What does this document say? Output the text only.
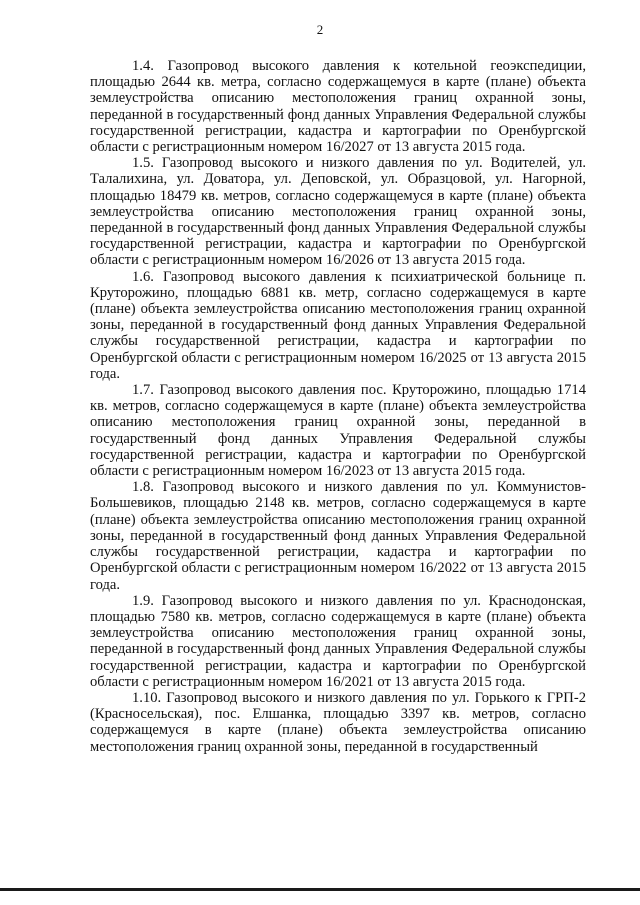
2

1.4. Газопровод высокого давления к котельной геоэкспедиции, площадью 2644 кв. метра, согласно содержащемуся в карте (плане) объекта землеустройства описанию местоположения границ охранной зоны, переданной в государственный фонд данных Управления Федеральной службы государственной регистрации, кадастра и картографии по Оренбургской области с регистрационным номером 16/2027 от 13 августа 2015 года.

1.5. Газопровод высокого и низкого давления по ул. Водителей, ул. Талалихина, ул. Доватора, ул. Деповской, ул. Образцовой, ул. Нагорной, площадью 18479 кв. метров, согласно содержащемуся в карте (плане) объекта землеустройства описанию местоположения границ охранной зоны, переданной в государственный фонд данных Управления Федеральной службы государственной регистрации, кадастра и картографии по Оренбургской области с регистрационным номером 16/2026 от 13 августа 2015 года.

1.6. Газопровод высокого давления к психиатрической больнице п. Круторожино, площадью 6881 кв. метр, согласно содержащемуся в карте (плане) объекта землеустройства описанию местоположения границ охранной зоны, переданной в государственный фонд данных Управления Федеральной службы государственной регистрации, кадастра и картографии по Оренбургской области с регистрационным номером 16/2025 от 13 августа 2015 года.

1.7. Газопровод высокого давления пос. Круторожино, площадью 1714 кв. метров, согласно содержащемуся в карте (плане) объекта землеустройства описанию местоположения границ охранной зоны, переданной в государственный фонд данных Управления Федеральной службы государственной регистрации, кадастра и картографии по Оренбургской области с регистрационным номером 16/2023 от 13 августа 2015 года.

1.8. Газопровод высокого и низкого давления по ул. Коммунистов-Большевиков, площадью 2148 кв. метров, согласно содержащемуся в карте (плане) объекта землеустройства описанию местоположения границ охранной зоны, переданной в государственный фонд данных Управления Федеральной службы государственной регистрации, кадастра и картографии по Оренбургской области с регистрационным номером 16/2022 от 13 августа 2015 года.

1.9. Газопровод высокого и низкого давления по ул. Краснодонская, площадью 7580 кв. метров, согласно содержащемуся в карте (плане) объекта землеустройства описанию местоположения границ охранной зоны, переданной в государственный фонд данных Управления Федеральной службы государственной регистрации, кадастра и картографии по Оренбургской области с регистрационным номером 16/2021 от 13 августа 2015 года.

1.10. Газопровод высокого и низкого давления по ул. Горького к ГРП-2 (Красносельская), пос. Елшанка, площадью 3397 кв. метров, согласно содержащемуся в карте (плане) объекта землеустройства описанию местоположения границ охранной зоны, переданной в государственный
